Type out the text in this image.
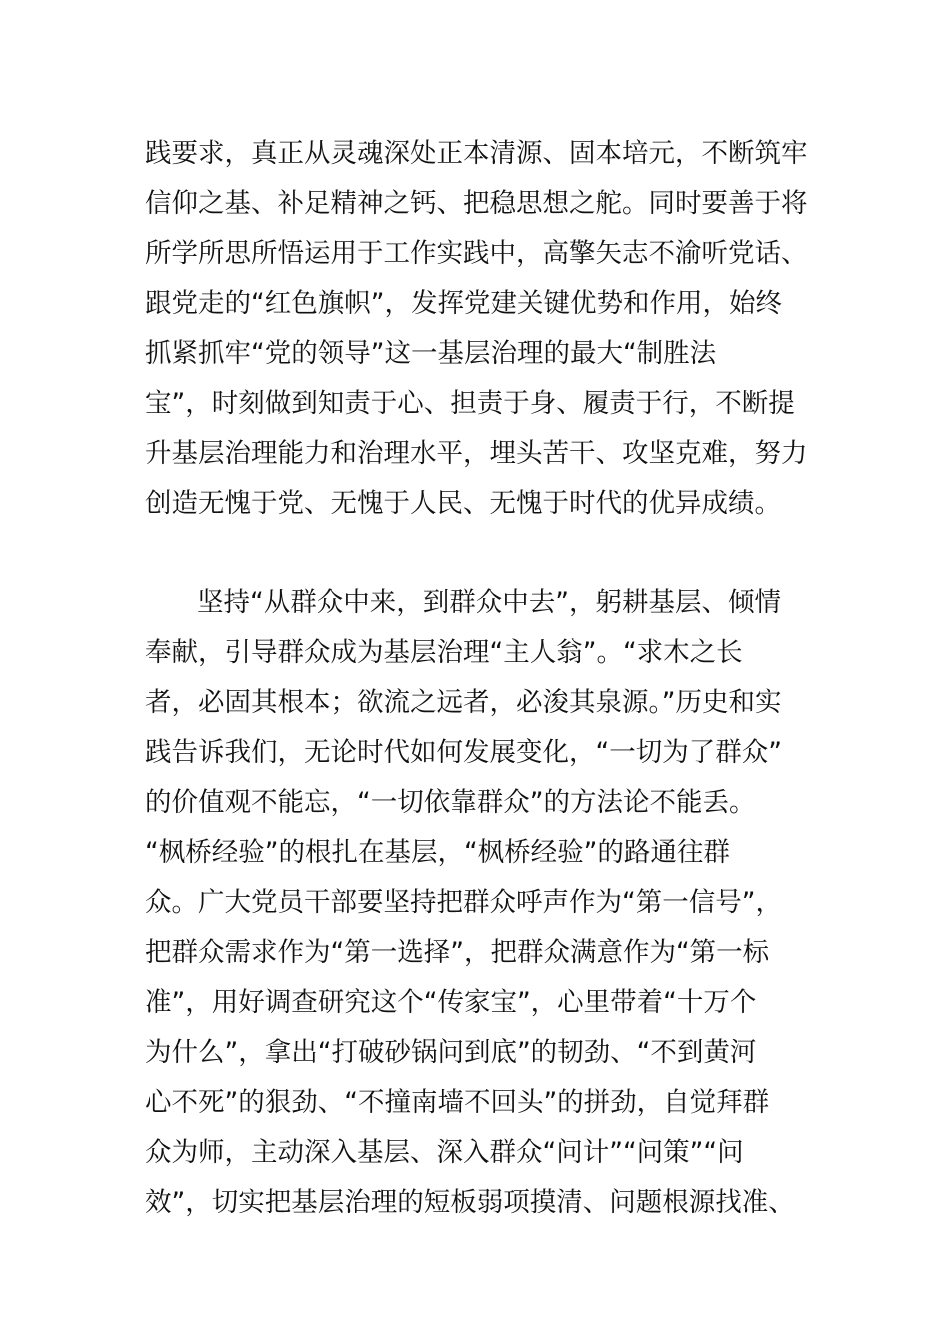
践要求，真正从灵魂深处正本清源、固本培元，不断筑牢
信仰之基、补足精神之钙、把稳思想之舵。同时要善于将
所学所思所悟运用于工作实践中，高擎矢志不渝听党话、
跟党走的“红色旗帜”，发挥党建关键优势和作用，始终
抓紧抓牢“党的领导”这一基层治理的最大“制胜法
宝”，时刻做到知责于心、担责于身、履责于行，不断提
升基层治理能力和治理水平，埋头苦干、攻坚克难，努力
创造无愧于党、无愧于人民、无愧于时代的优异成绩。
坚持“从群众中来，到群众中去”，躬耕基层、倾情
奉献，引导群众成为基层治理“主人翁”。“求木之长
者，必固其根本；欲流之远者，必浚其泉源。”历史和实
践告诉我们，无论时代如何发展变化，“一切为了群众”
的价值观不能忘，“一切依靠群众”的方法论不能丢。
“枫桥经验”的根扎在基层，“枫桥经验”的路通往群
众。广大党员干部要坚持把群众呼声作为“第一信号”，
把群众需求作为“第一选择”，把群众满意作为“第一标
准”，用好调查研究这个“传家宝”，心里带着“十万个
为什么”，拿出“打破砂锅问到底”的韧劲、“不到黄河
心不死”的狠劲、“不撞南墙不回头”的拼劲，自觉拜群
众为师，主动深入基层、深入群众“问计”“问策”“问
效”，切实把基层治理的短板弱项摸清、问题根源找准、
